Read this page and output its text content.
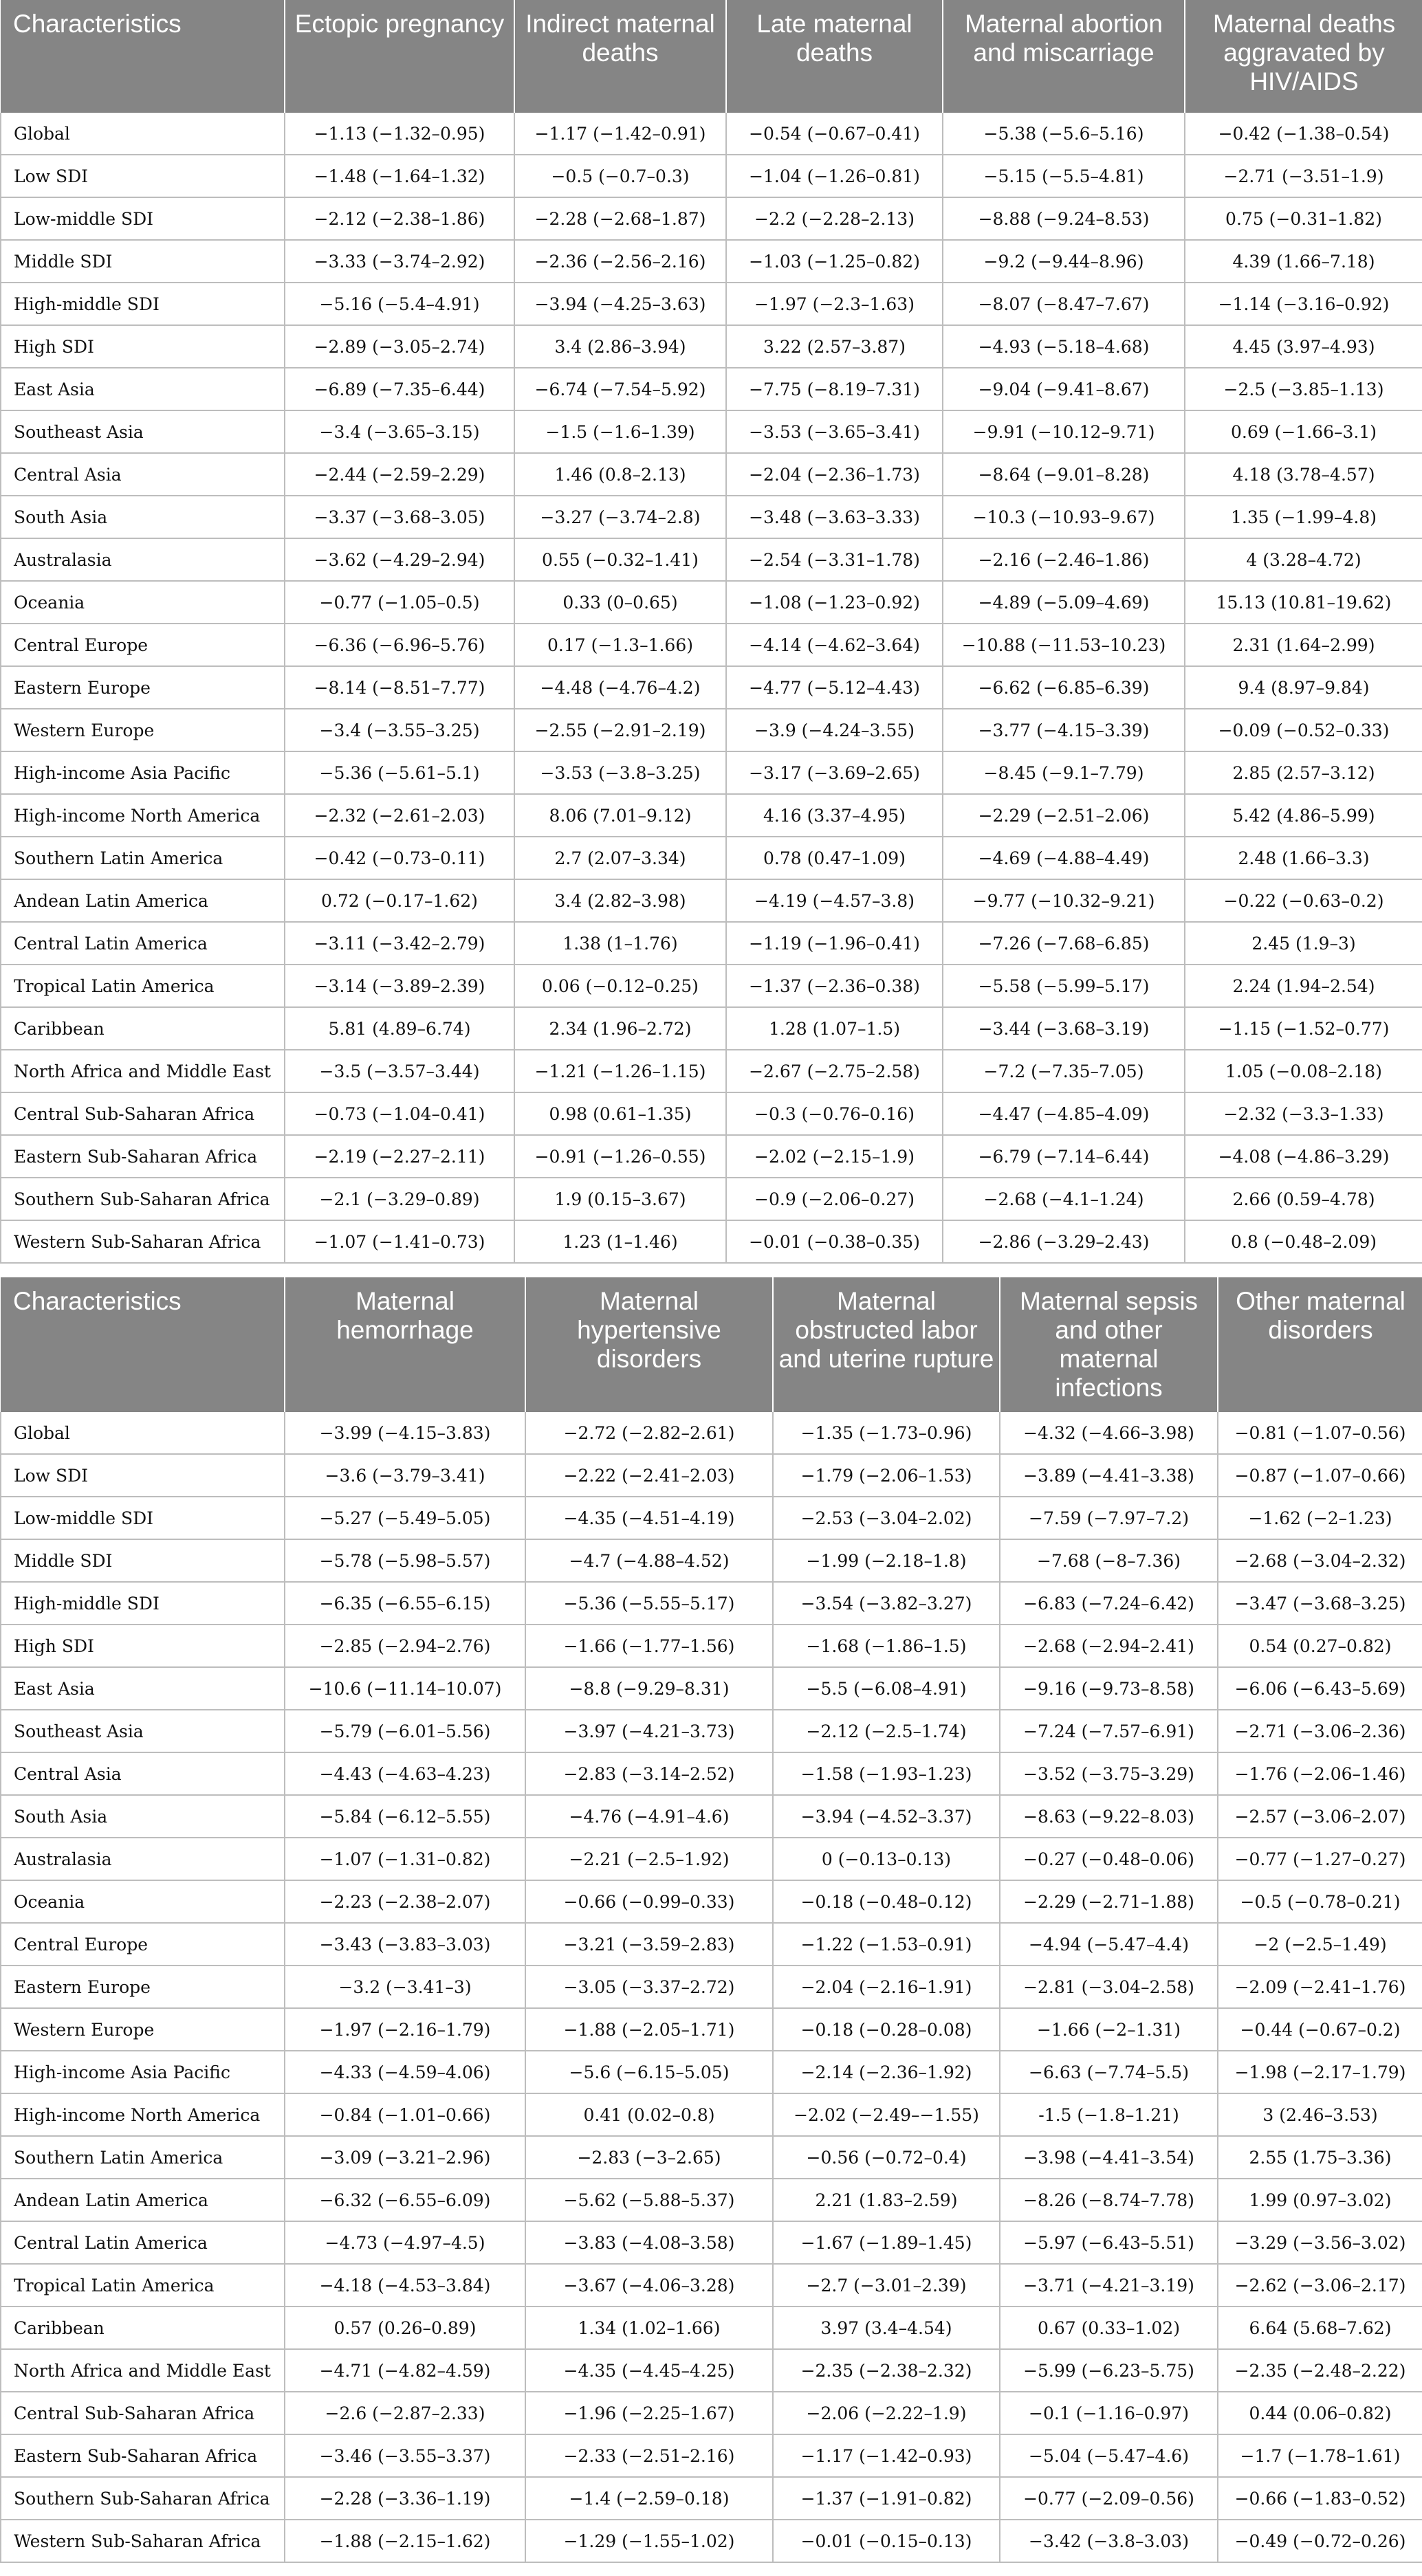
Characteristics	Ectopic pregnancy	Indirect maternal deaths	Late maternal deaths	Maternal abortion and miscarriage	Maternal deaths aggravated by HIV/AIDS
Global	−1.13 (−1.32–0.95)	−1.17 (−1.42–0.91)	−0.54 (−0.67–0.41)	−5.38 (−5.6–5.16)	−0.42 (−1.38–0.54)
Low SDI	−1.48 (−1.64–1.32)	−0.5 (−0.7–0.3)	−1.04 (−1.26–0.81)	−5.15 (−5.5–4.81)	−2.71 (−3.51–1.9)
Low-middle SDI	−2.12 (−2.38–1.86)	−2.28 (−2.68–1.87)	−2.2 (−2.28–2.13)	−8.88 (−9.24–8.53)	0.75 (−0.31–1.82)
Middle SDI	−3.33 (−3.74–2.92)	−2.36 (−2.56–2.16)	−1.03 (−1.25–0.82)	−9.2 (−9.44–8.96)	4.39 (1.66–7.18)
High-middle SDI	−5.16 (−5.4–4.91)	−3.94 (−4.25–3.63)	−1.97 (−2.3–1.63)	−8.07 (−8.47–7.67)	−1.14 (−3.16–0.92)
High SDI	−2.89 (−3.05–2.74)	3.4 (2.86–3.94)	3.22 (2.57–3.87)	−4.93 (−5.18–4.68)	4.45 (3.97–4.93)
East Asia	−6.89 (−7.35–6.44)	−6.74 (−7.54–5.92)	−7.75 (−8.19–7.31)	−9.04 (−9.41–8.67)	−2.5 (−3.85–1.13)
Southeast Asia	−3.4 (−3.65–3.15)	−1.5 (−1.6–1.39)	−3.53 (−3.65–3.41)	−9.91 (−10.12–9.71)	0.69 (−1.66–3.1)
Central Asia	−2.44 (−2.59–2.29)	1.46 (0.8–2.13)	−2.04 (−2.36–1.73)	−8.64 (−9.01–8.28)	4.18 (3.78–4.57)
South Asia	−3.37 (−3.68–3.05)	−3.27 (−3.74–2.8)	−3.48 (−3.63–3.33)	−10.3 (−10.93–9.67)	1.35 (−1.99–4.8)
Australasia	−3.62 (−4.29–2.94)	0.55 (−0.32–1.41)	−2.54 (−3.31–1.78)	−2.16 (−2.46–1.86)	4 (3.28–4.72)
Oceania	−0.77 (−1.05–0.5)	0.33 (0–0.65)	−1.08 (−1.23–0.92)	−4.89 (−5.09–4.69)	15.13 (10.81–19.62)
Central Europe	−6.36 (−6.96–5.76)	0.17 (−1.3–1.66)	−4.14 (−4.62–3.64)	−10.88 (−11.53–10.23)	2.31 (1.64–2.99)
Eastern Europe	−8.14 (−8.51–7.77)	−4.48 (−4.76–4.2)	−4.77 (−5.12–4.43)	−6.62 (−6.85–6.39)	9.4 (8.97–9.84)
Western Europe	−3.4 (−3.55–3.25)	−2.55 (−2.91–2.19)	−3.9 (−4.24–3.55)	−3.77 (−4.15–3.39)	−0.09 (−0.52–0.33)
High-income Asia Pacific	−5.36 (−5.61–5.1)	−3.53 (−3.8–3.25)	−3.17 (−3.69–2.65)	−8.45 (−9.1–7.79)	2.85 (2.57–3.12)
High-income North America	−2.32 (−2.61–2.03)	8.06 (7.01–9.12)	4.16 (3.37–4.95)	−2.29 (−2.51–2.06)	5.42 (4.86–5.99)
Southern Latin America	−0.42 (−0.73–0.11)	2.7 (2.07–3.34)	0.78 (0.47–1.09)	−4.69 (−4.88–4.49)	2.48 (1.66–3.3)
Andean Latin America	0.72 (−0.17–1.62)	3.4 (2.82–3.98)	−4.19 (−4.57–3.8)	−9.77 (−10.32–9.21)	−0.22 (−0.63–0.2)
Central Latin America	−3.11 (−3.42–2.79)	1.38 (1–1.76)	−1.19 (−1.96–0.41)	−7.26 (−7.68–6.85)	2.45 (1.9–3)
Tropical Latin America	−3.14 (−3.89–2.39)	0.06 (−0.12–0.25)	−1.37 (−2.36–0.38)	−5.58 (−5.99–5.17)	2.24 (1.94–2.54)
Caribbean	5.81 (4.89–6.74)	2.34 (1.96–2.72)	1.28 (1.07–1.5)	−3.44 (−3.68–3.19)	−1.15 (−1.52–0.77)
North Africa and Middle East	−3.5 (−3.57–3.44)	−1.21 (−1.26–1.15)	−2.67 (−2.75–2.58)	−7.2 (−7.35–7.05)	1.05 (−0.08–2.18)
Central Sub-Saharan Africa	−0.73 (−1.04–0.41)	0.98 (0.61–1.35)	−0.3 (−0.76–0.16)	−4.47 (−4.85–4.09)	−2.32 (−3.3–1.33)
Eastern Sub-Saharan Africa	−2.19 (−2.27–2.11)	−0.91 (−1.26–0.55)	−2.02 (−2.15–1.9)	−6.79 (−7.14–6.44)	−4.08 (−4.86–3.29)
Southern Sub-Saharan Africa	−2.1 (−3.29–0.89)	1.9 (0.15–3.67)	−0.9 (−2.06–0.27)	−2.68 (−4.1–1.24)	2.66 (0.59–4.78)
Western Sub-Saharan Africa	−1.07 (−1.41–0.73)	1.23 (1–1.46)	−0.01 (−0.38–0.35)	−2.86 (−3.29–2.43)	0.8 (−0.48–2.09)
Characteristics	Maternal hemorrhage	Maternal hypertensive disorders	Maternal obstructed labor and uterine rupture	Maternal sepsis and other maternal infections	Other maternal disorders
Global	−3.99 (−4.15–3.83)	−2.72 (−2.82–2.61)	−1.35 (−1.73–0.96)	−4.32 (−4.66–3.98)	−0.81 (−1.07–0.56)
Low SDI	−3.6 (−3.79–3.41)	−2.22 (−2.41–2.03)	−1.79 (−2.06–1.53)	−3.89 (−4.41–3.38)	−0.87 (−1.07–0.66)
Low-middle SDI	−5.27 (−5.49–5.05)	−4.35 (−4.51–4.19)	−2.53 (−3.04–2.02)	−7.59 (−7.97–7.2)	−1.62 (−2–1.23)
Middle SDI	−5.78 (−5.98–5.57)	−4.7 (−4.88–4.52)	−1.99 (−2.18–1.8)	−7.68 (−8–7.36)	−2.68 (−3.04–2.32)
High-middle SDI	−6.35 (−6.55–6.15)	−5.36 (−5.55–5.17)	−3.54 (−3.82–3.27)	−6.83 (−7.24–6.42)	−3.47 (−3.68–3.25)
High SDI	−2.85 (−2.94–2.76)	−1.66 (−1.77–1.56)	−1.68 (−1.86–1.5)	−2.68 (−2.94–2.41)	0.54 (0.27–0.82)
East Asia	−10.6 (−11.14–10.07)	−8.8 (−9.29–8.31)	−5.5 (−6.08–4.91)	−9.16 (−9.73–8.58)	−6.06 (−6.43–5.69)
Southeast Asia	−5.79 (−6.01–5.56)	−3.97 (−4.21–3.73)	−2.12 (−2.5–1.74)	−7.24 (−7.57–6.91)	−2.71 (−3.06–2.36)
Central Asia	−4.43 (−4.63–4.23)	−2.83 (−3.14–2.52)	−1.58 (−1.93–1.23)	−3.52 (−3.75–3.29)	−1.76 (−2.06–1.46)
South Asia	−5.84 (−6.12–5.55)	−4.76 (−4.91–4.6)	−3.94 (−4.52–3.37)	−8.63 (−9.22–8.03)	−2.57 (−3.06–2.07)
Australasia	−1.07 (−1.31–0.82)	−2.21 (−2.5–1.92)	0 (−0.13–0.13)	−0.27 (−0.48–0.06)	−0.77 (−1.27–0.27)
Oceania	−2.23 (−2.38–2.07)	−0.66 (−0.99–0.33)	−0.18 (−0.48–0.12)	−2.29 (−2.71–1.88)	−0.5 (−0.78–0.21)
Central Europe	−3.43 (−3.83–3.03)	−3.21 (−3.59–2.83)	−1.22 (−1.53–0.91)	−4.94 (−5.47–4.4)	−2 (−2.5–1.49)
Eastern Europe	−3.2 (−3.41–3)	−3.05 (−3.37–2.72)	−2.04 (−2.16–1.91)	−2.81 (−3.04–2.58)	−2.09 (−2.41–1.76)
Western Europe	−1.97 (−2.16–1.79)	−1.88 (−2.05–1.71)	−0.18 (−0.28–0.08)	−1.66 (−2–1.31)	−0.44 (−0.67–0.2)
High-income Asia Pacific	−4.33 (−4.59–4.06)	−5.6 (−6.15–5.05)	−2.14 (−2.36–1.92)	−6.63 (−7.74–5.5)	−1.98 (−2.17–1.79)
High-income North America	−0.84 (−1.01–0.66)	0.41 (0.02–0.8)	−2.02 (−2.49–−1.55)	-1.5 (−1.8–1.21)	3 (2.46–3.53)
Southern Latin America	−3.09 (−3.21–2.96)	−2.83 (−3–2.65)	−0.56 (−0.72–0.4)	−3.98 (−4.41–3.54)	2.55 (1.75–3.36)
Andean Latin America	−6.32 (−6.55–6.09)	−5.62 (−5.88–5.37)	2.21 (1.83–2.59)	−8.26 (−8.74–7.78)	1.99 (0.97–3.02)
Central Latin America	−4.73 (−4.97–4.5)	−3.83 (−4.08–3.58)	−1.67 (−1.89–1.45)	−5.97 (−6.43–5.51)	−3.29 (−3.56–3.02)
Tropical Latin America	−4.18 (−4.53–3.84)	−3.67 (−4.06–3.28)	−2.7 (−3.01–2.39)	−3.71 (−4.21–3.19)	−2.62 (−3.06–2.17)
Caribbean	0.57 (0.26–0.89)	1.34 (1.02–1.66)	3.97 (3.4–4.54)	0.67 (0.33–1.02)	6.64 (5.68–7.62)
North Africa and Middle East	−4.71 (−4.82–4.59)	−4.35 (−4.45–4.25)	−2.35 (−2.38–2.32)	−5.99 (−6.23–5.75)	−2.35 (−2.48–2.22)
Central Sub-Saharan Africa	−2.6 (−2.87–2.33)	−1.96 (−2.25–1.67)	−2.06 (−2.22–1.9)	−0.1 (−1.16–0.97)	0.44 (0.06–0.82)
Eastern Sub-Saharan Africa	−3.46 (−3.55–3.37)	−2.33 (−2.51–2.16)	−1.17 (−1.42–0.93)	−5.04 (−5.47–4.6)	−1.7 (−1.78–1.61)
Southern Sub-Saharan Africa	−2.28 (−3.36–1.19)	−1.4 (−2.59–0.18)	−1.37 (−1.91–0.82)	−0.77 (−2.09–0.56)	−0.66 (−1.83–0.52)
Western Sub-Saharan Africa	−1.88 (−2.15–1.62)	−1.29 (−1.55–1.02)	−0.01 (−0.15–0.13)	−3.42 (−3.8–3.03)	−0.49 (−0.72–0.26)
